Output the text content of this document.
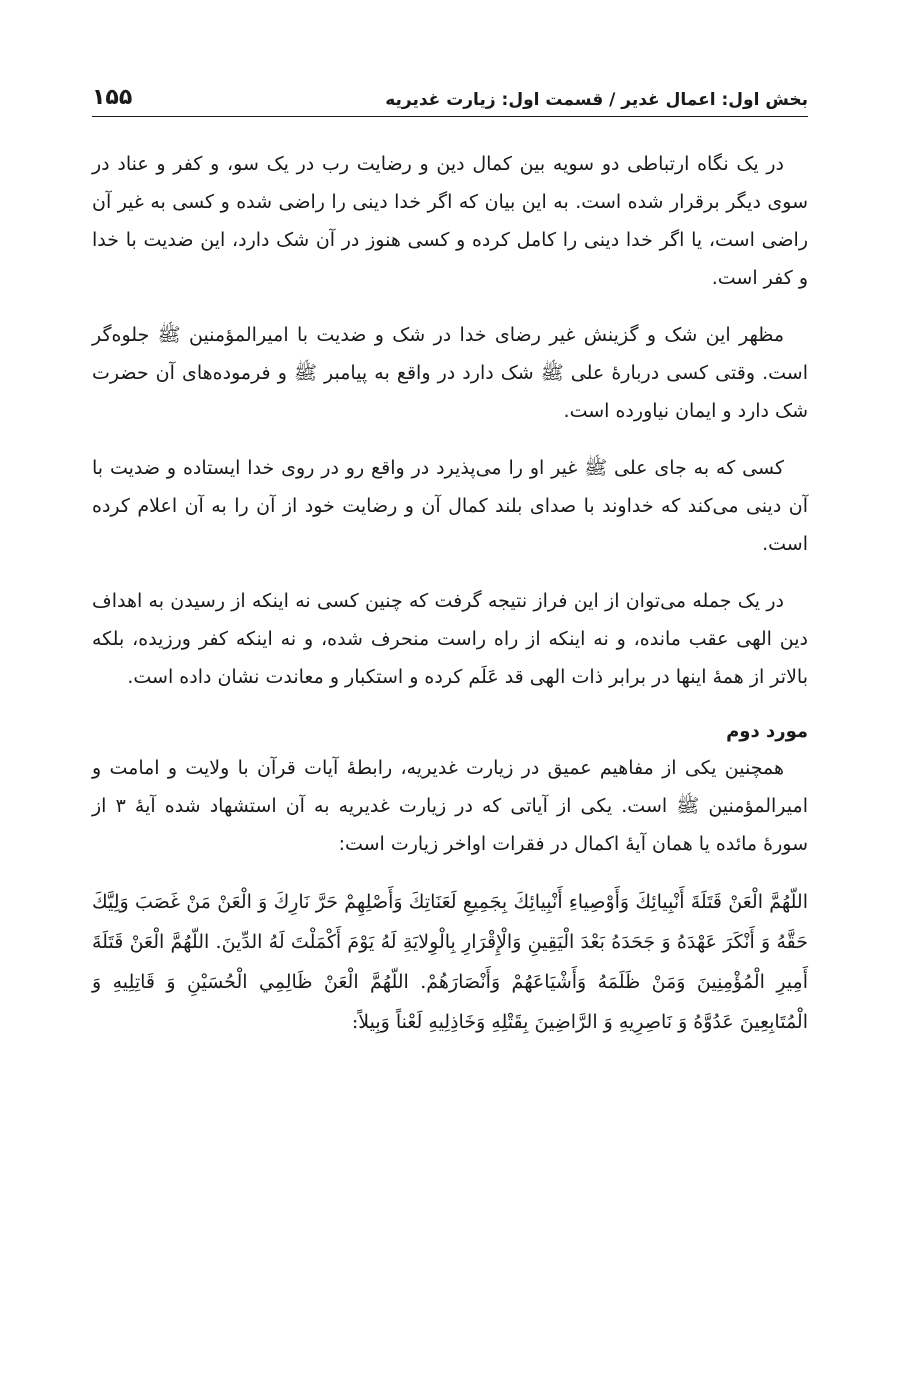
بخش اول: اعمال غدیر / قسمت اول: زیارت غدیریه
۱۵۵

در یک نگاه ارتباطی دو سویه بین کمال دین و رضایت رب در یک سو، و کفر و عناد در سوی دیگر برقرار شده است. به این بیان که اگر خدا دینی را راضی شده و کسی به غیر آن راضی است، یا اگر خدا دینی را کامل کرده و کسی هنوز در آن شک دارد، این ضدیت با خدا و کفر است.

مظهر این شک و گزینش غیر رضای خدا در شک و ضدیت با امیرالمؤمنین ﷺ جلوه‌گر است. وقتی کسی دربارهٔ علی ﷺ شک دارد در واقع به پیامبر ﷺ و فرموده‌های آن حضرت شک دارد و ایمان نیاورده است.

کسی که به جای علی ﷺ غیر او را می‌پذیرد در واقع رو در روی خدا ایستاده و ضدیت با آن دینی می‌کند که خداوند با صدای بلند کمال آن و رضایت خود از آن را به آن اعلام کرده است.

در یک جمله می‌توان از این فراز نتیجه گرفت که چنین کسی نه اینکه از رسیدن به اهداف دین الهی عقب مانده، و نه اینکه از راه راست منحرف شده، و نه اینکه کفر ورزیده، بلکه بالاتر از همهٔ اینها در برابر ذات الهی قد عَلَم کرده و استکبار و معاندت نشان داده است.

مورد دوم

همچنین یکی از مفاهیم عمیق در زیارت غدیریه، رابطهٔ آیات قرآن با ولایت و امامت و امیرالمؤمنین ﷺ است. یکی از آیاتی که در زیارت غدیریه به آن استشهاد شده آیهٔ ۳ از سورهٔ مائده یا همان آیهٔ اکمال در فقرات اواخر زیارت است:

اللّهُمَّ الْعَنْ قَتَلَةَ أَنْبِيائِكَ وَأَوْصِياءِ أَنْبِيائِكَ بِجَمِيعِ لَعَنَاتِكَ وَأَصْلِهِمْ حَرَّ نَارِكَ وَ الْعَنْ مَنْ غَصَبَ وَلِيَّكَ حَقَّهُ وَ أَنْكَرَ عَهْدَهُ وَ جَحَدَهُ بَعْدَ الْيَقِينِ وَالْإِقْرَارِ بِالْوِلايَةِ لَهُ يَوْمَ أَكْمَلْتَ لَهُ الدِّينَ. اللّهُمَّ الْعَنْ قَتَلَةَ أَمِيرِ الْمُؤْمِنِينَ وَمَنْ ظَلَمَهُ وَأَشْيَاعَهُمْ وَأَنْصَارَهُمْ. اللّهُمَّ الْعَنْ ظَالِمِي الْحُسَيْنِ وَ قَاتِلِيهِ وَ الْمُتَابِعِينَ عَدُوَّهُ وَ نَاصِرِيهِ وَ الرَّاضِينَ بِقَتْلِهِ وَخَاذِلِيهِ لَعْناً وَبِيلاً:
